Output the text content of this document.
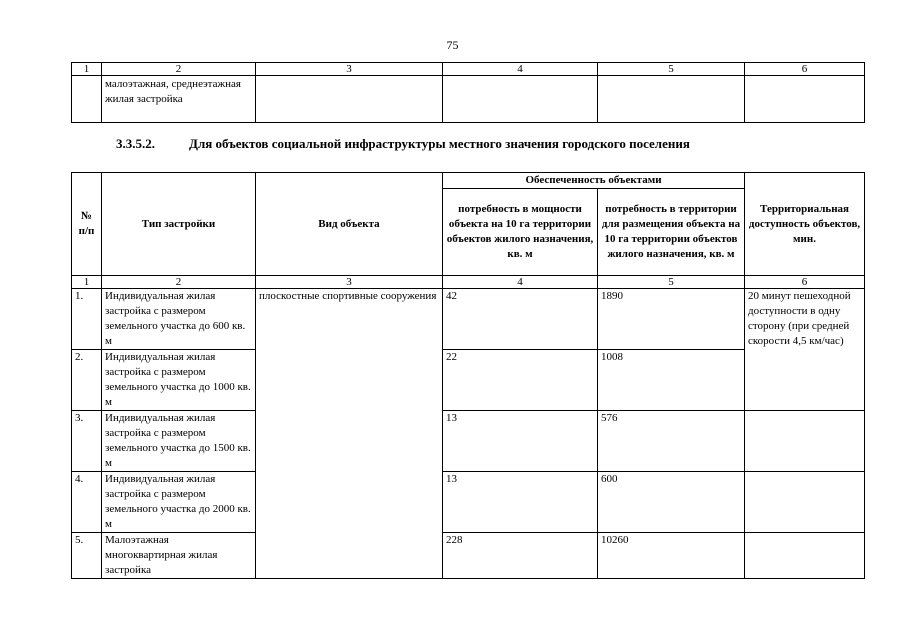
75
1	2	3	4	5	6
	малоэтажная, среднеэтажная жилая застройка				
3.3.5.2.	Для объектов социальной инфраструктуры местного значения городского поселения
№ п/п	Тип застройки	Вид объекта	Обеспеченность объектами		Территориальная доступность объектов, мин.
			потребность в мощности объекта на 10 га территории объектов жилого назначения, кв. м	потребность в территории для размещения объекта на 10 га территории объектов жилого назначения, кв. м	
1	2	3	4	5	6
1.	Индивидуальная жилая застройка с размером земельного участка до 600 кв. м	плоскостные спортивные сооружения	42	1890	20 минут пешеходной доступности в одну сторону (при средней скорости 4,5 км/час)
2.	Индивидуальная жилая застройка с размером земельного участка до 1000 кв. м		22	1008	
3.	Индивидуальная жилая застройка с размером земельного участка до 1500 кв. м		13	576	
4.	Индивидуальная жилая застройка с размером земельного участка до 2000 кв. м		13	600	
5.	Малоэтажная многоквартирная жилая застройка		228	10260	
